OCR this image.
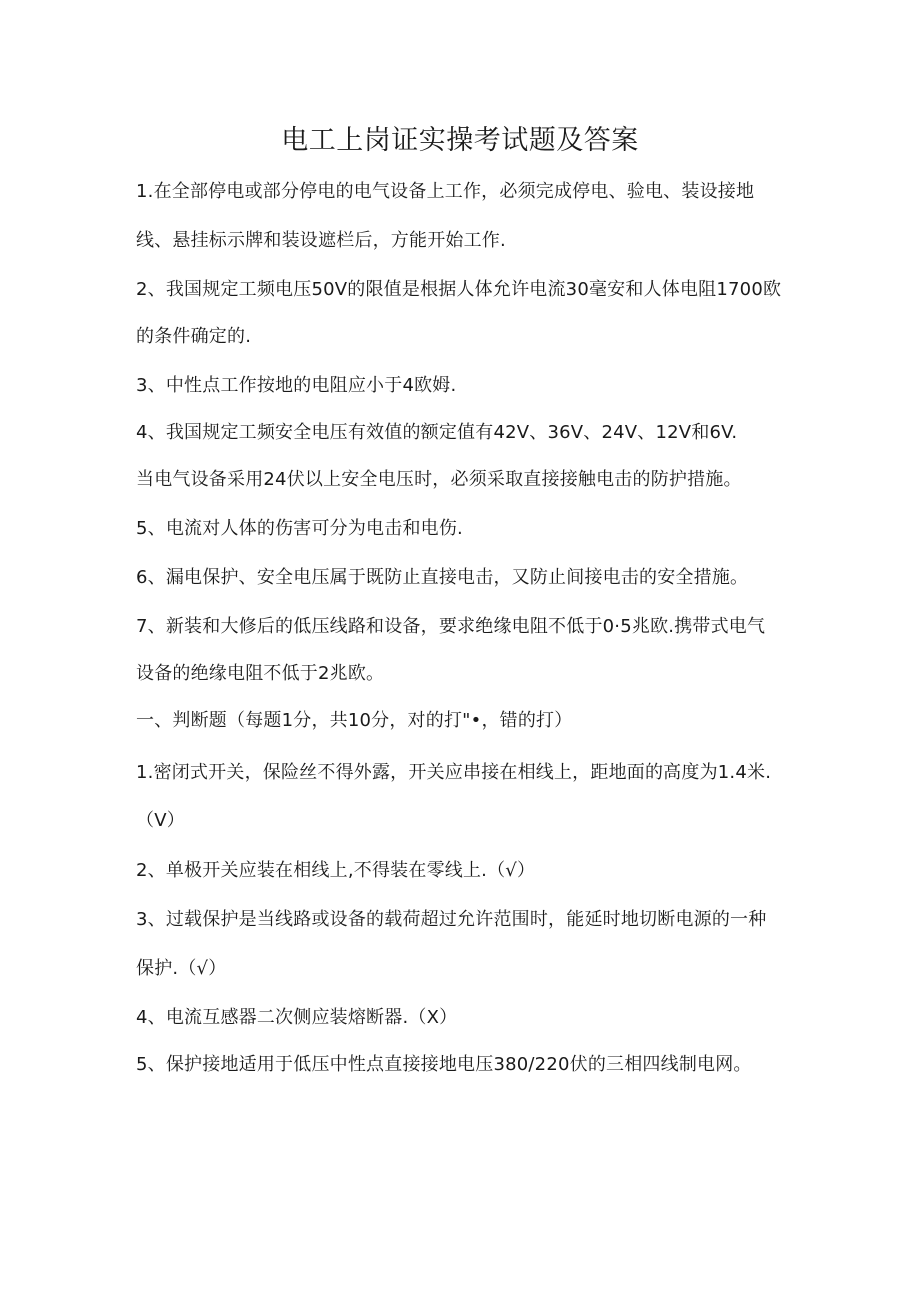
电工上岗证实操考试题及答案
1.在全部停电或部分停电的电气设备上工作，必须完成停电、验电、装设接地
线、悬挂标示牌和装设遮栏后，方能开始工作.
2、我国规定工频电压50V的限值是根据人体允许电流30毫安和人体电阻1700欧
的条件确定的.
3、中性点工作按地的电阻应小于4欧姆.
4、我国规定工频安全电压有效值的额定值有42V、36V、24V、12V和6V.
当电气设备采用24伏以上安全电压时，必须采取直接接触电击的防护措施。
5、电流对人体的伤害可分为电击和电伤.
6、漏电保护、安全电压属于既防止直接电击，又防止间接电击的安全措施。
7、新装和大修后的低压线路和设备，要求绝缘电阻不低于0·5兆欧.携带式电气
设备的绝缘电阻不低于2兆欧。
一、判断题（每题1分，共10分，对的打"•，错的打）
1.密闭式开关，保险丝不得外露，开关应串接在相线上，距地面的高度为1.4米.
（V）
2、单极开关应装在相线上,不得装在零线上.（√）
3、过载保护是当线路或设备的载荷超过允许范围时，能延时地切断电源的一种
保护.（√）
4、电流互感器二次侧应装熔断器.（X）
5、保护接地适用于低压中性点直接接地电压380/220伏的三相四线制电网。
